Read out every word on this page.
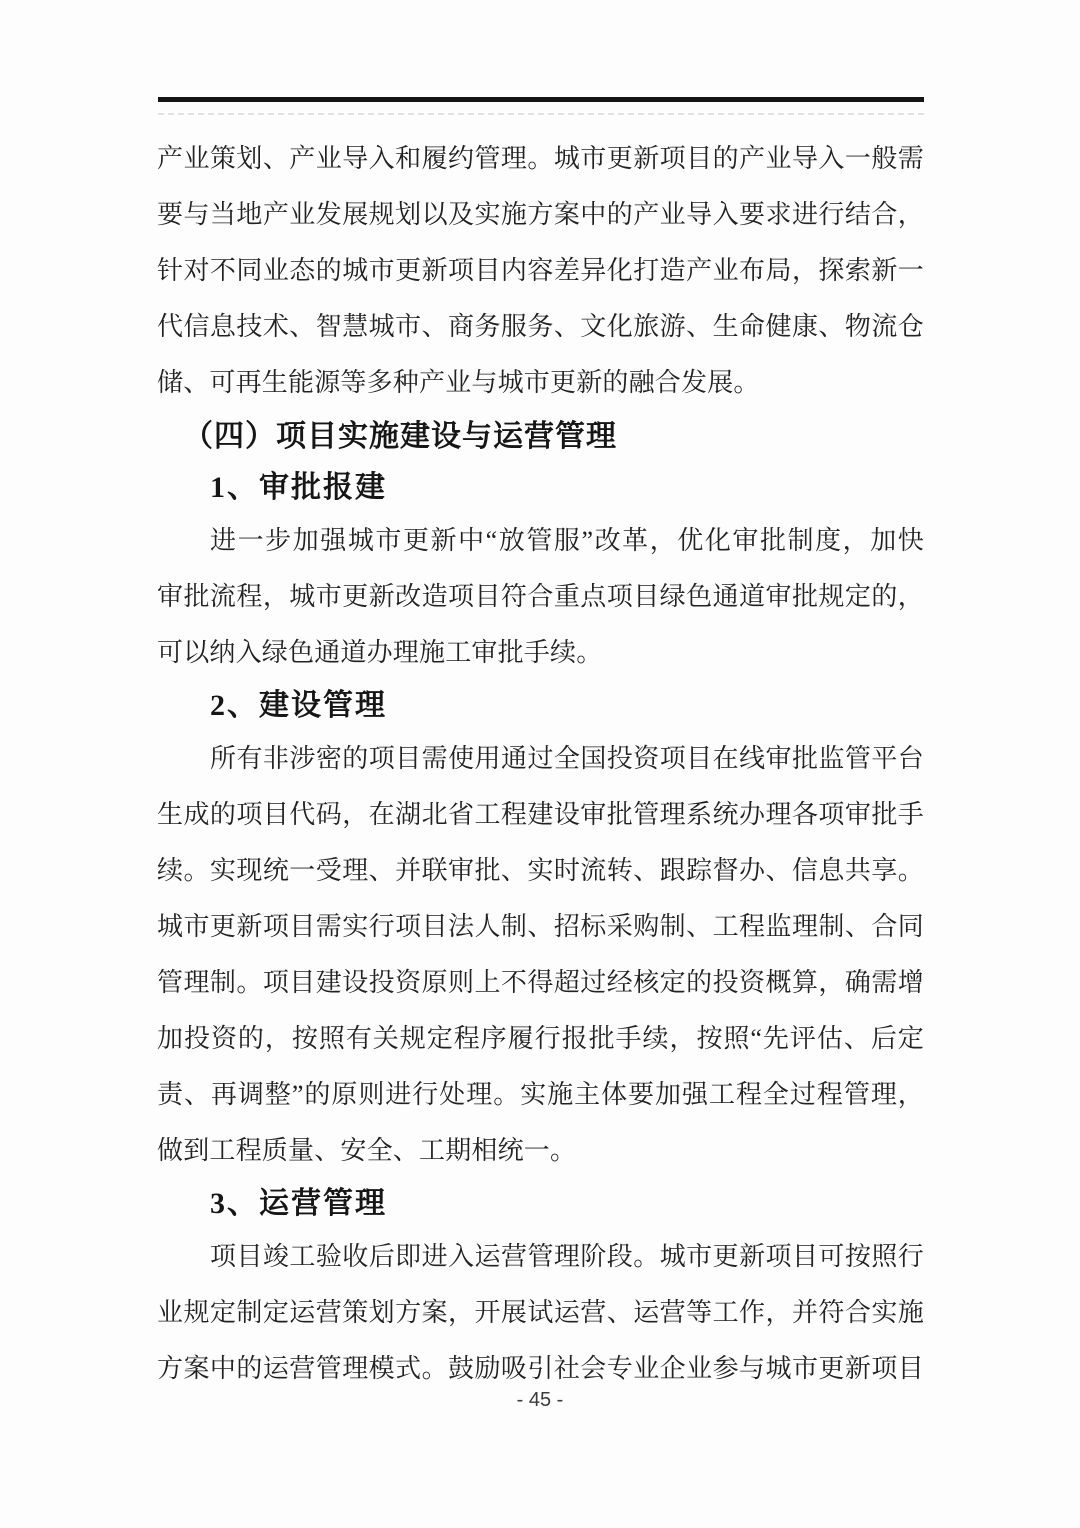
产业策划、产业导入和履约管理。城市更新项目的产业导入一般需
要与当地产业发展规划以及实施方案中的产业导入要求进行结合，
针对不同业态的城市更新项目内容差异化打造产业布局，探索新一
代信息技术、智慧城市、商务服务、文化旅游、生命健康、物流仓
储、可再生能源等多种产业与城市更新的融合发展。
（四）项目实施建设与运营管理
1、审批报建
进一步加强城市更新中“放管服”改革，优化审批制度，加快
审批流程，城市更新改造项目符合重点项目绿色通道审批规定的，
可以纳入绿色通道办理施工审批手续。
2、建设管理
所有非涉密的项目需使用通过全国投资项目在线审批监管平台
生成的项目代码，在湖北省工程建设审批管理系统办理各项审批手
续。实现统一受理、并联审批、实时流转、跟踪督办、信息共享。
城市更新项目需实行项目法人制、招标采购制、工程监理制、合同
管理制。项目建设投资原则上不得超过经核定的投资概算，确需增
加投资的，按照有关规定程序履行报批手续，按照“先评估、后定
责、再调整”的原则进行处理。实施主体要加强工程全过程管理，
做到工程质量、安全、工期相统一。
3、运营管理
项目竣工验收后即进入运营管理阶段。城市更新项目可按照行
业规定制定运营策划方案，开展试运营、运营等工作，并符合实施
方案中的运营管理模式。鼓励吸引社会专业企业参与城市更新项目
- 45 -
